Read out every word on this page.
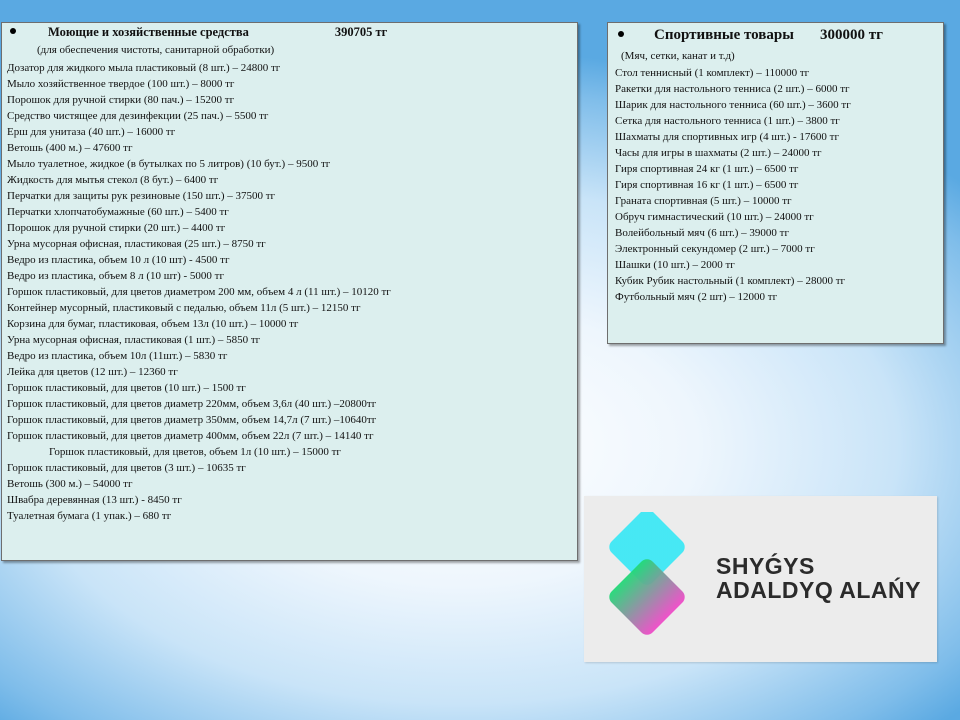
Моющие и хозяйственные средства	390705 тг
(для обеспечения чистоты, санитарной обработки)
Дозатор для жидкого мыла пластиковый (8 шт.) – 24800 тг
Мыло хозяйственное твердое (100 шт.) – 8000 тг
Порошок для ручной стирки (80 пач.) – 15200 тг
Средство чистящее для дезинфекции (25 пач.) – 5500 тг
Ерш для унитаза (40 шт.) – 16000 тг
Ветошь (400 м.) – 47600 тг
Мыло туалетное, жидкое (в бутылках по 5 литров) (10 бут.) – 9500 тг
Жидкость для мытья стекол (8 бут.) – 6400 тг
Перчатки для защиты рук резиновые (150 шт.) – 37500 тг
Перчатки хлопчатобумажные (60 шт.) – 5400 тг
Порошок для ручной стирки (20 шт.) – 4400 тг
Урна мусорная офисная, пластиковая (25 шт.) – 8750 тг
Ведро из пластика, объем 10 л (10 шт) - 4500 тг
Ведро из пластика, объем 8 л (10 шт) - 5000 тг
Горшок пластиковый, для цветов диаметром 200 мм, объем 4 л (11 шт.) – 10120 тг
Контейнер мусорный, пластиковый с педалью, объем 11л (5 шт.) – 12150 тг
Корзина для бумаг, пластиковая, объем 13л (10 шт.) – 10000 тг
Урна мусорная офисная, пластиковая (1 шт.) – 5850 тг
Ведро из пластика, объем 10л (11шт.) – 5830 тг
Лейка для цветов (12 шт.) – 12360 тг
Горшок пластиковый, для цветов (10 шт.) – 1500 тг
Горшок пластиковый, для цветов диаметр 220мм, объем 3,6л (40 шт.) –20800тг
Горшок пластиковый, для цветов диаметр 350мм, объем 14,7л (7 шт.) –10640тг
Горшок пластиковый, для цветов диаметр 400мм, объем 22л (7 шт.) – 14140 тг
Горшок пластиковый, для цветов, объем 1л (10 шт.) – 15000 тг
Горшок пластиковый, для цветов (3 шт.) – 10635 тг
Ветошь (300 м.) – 54000 тг
Швабра деревянная (13 шт.) - 8450 тг
Туалетная бумага (1 упак.) – 680 тг
Спортивные товары 300000 тг
(Мяч, сетки, канат и т.д)
Стол теннисный (1 комплект) – 110000 тг
Ракетки для настольного тенниса (2 шт.) – 6000 тг
Шарик для настольного тенниса (60 шт.) – 3600 тг
Сетка для настольного тенниса (1 шт.) – 3800 тг
Шахматы для спортивных игр (4 шт.) - 17600 тг
Часы для игры в шахматы (2 шт.) – 24000 тг
Гиря спортивная 24 кг (1 шт.) – 6500 тг
Гиря спортивная 16 кг (1 шт.) – 6500 тг
Граната спортивная (5 шт.) – 10000 тг
Обруч гимнастический (10 шт.) – 24000 тг
Волейбольный мяч (6 шт.) – 39000 тг
Электронный секундомер (2 шт.) – 7000 тг
Шашки (10 шт.) – 2000 тг
Кубик Рубик настольный (1 комплект) – 28000 тг
Футбольный мяч (2 шт) – 12000 тг
SHYǴYS
ADALDYQ ALAŃY
